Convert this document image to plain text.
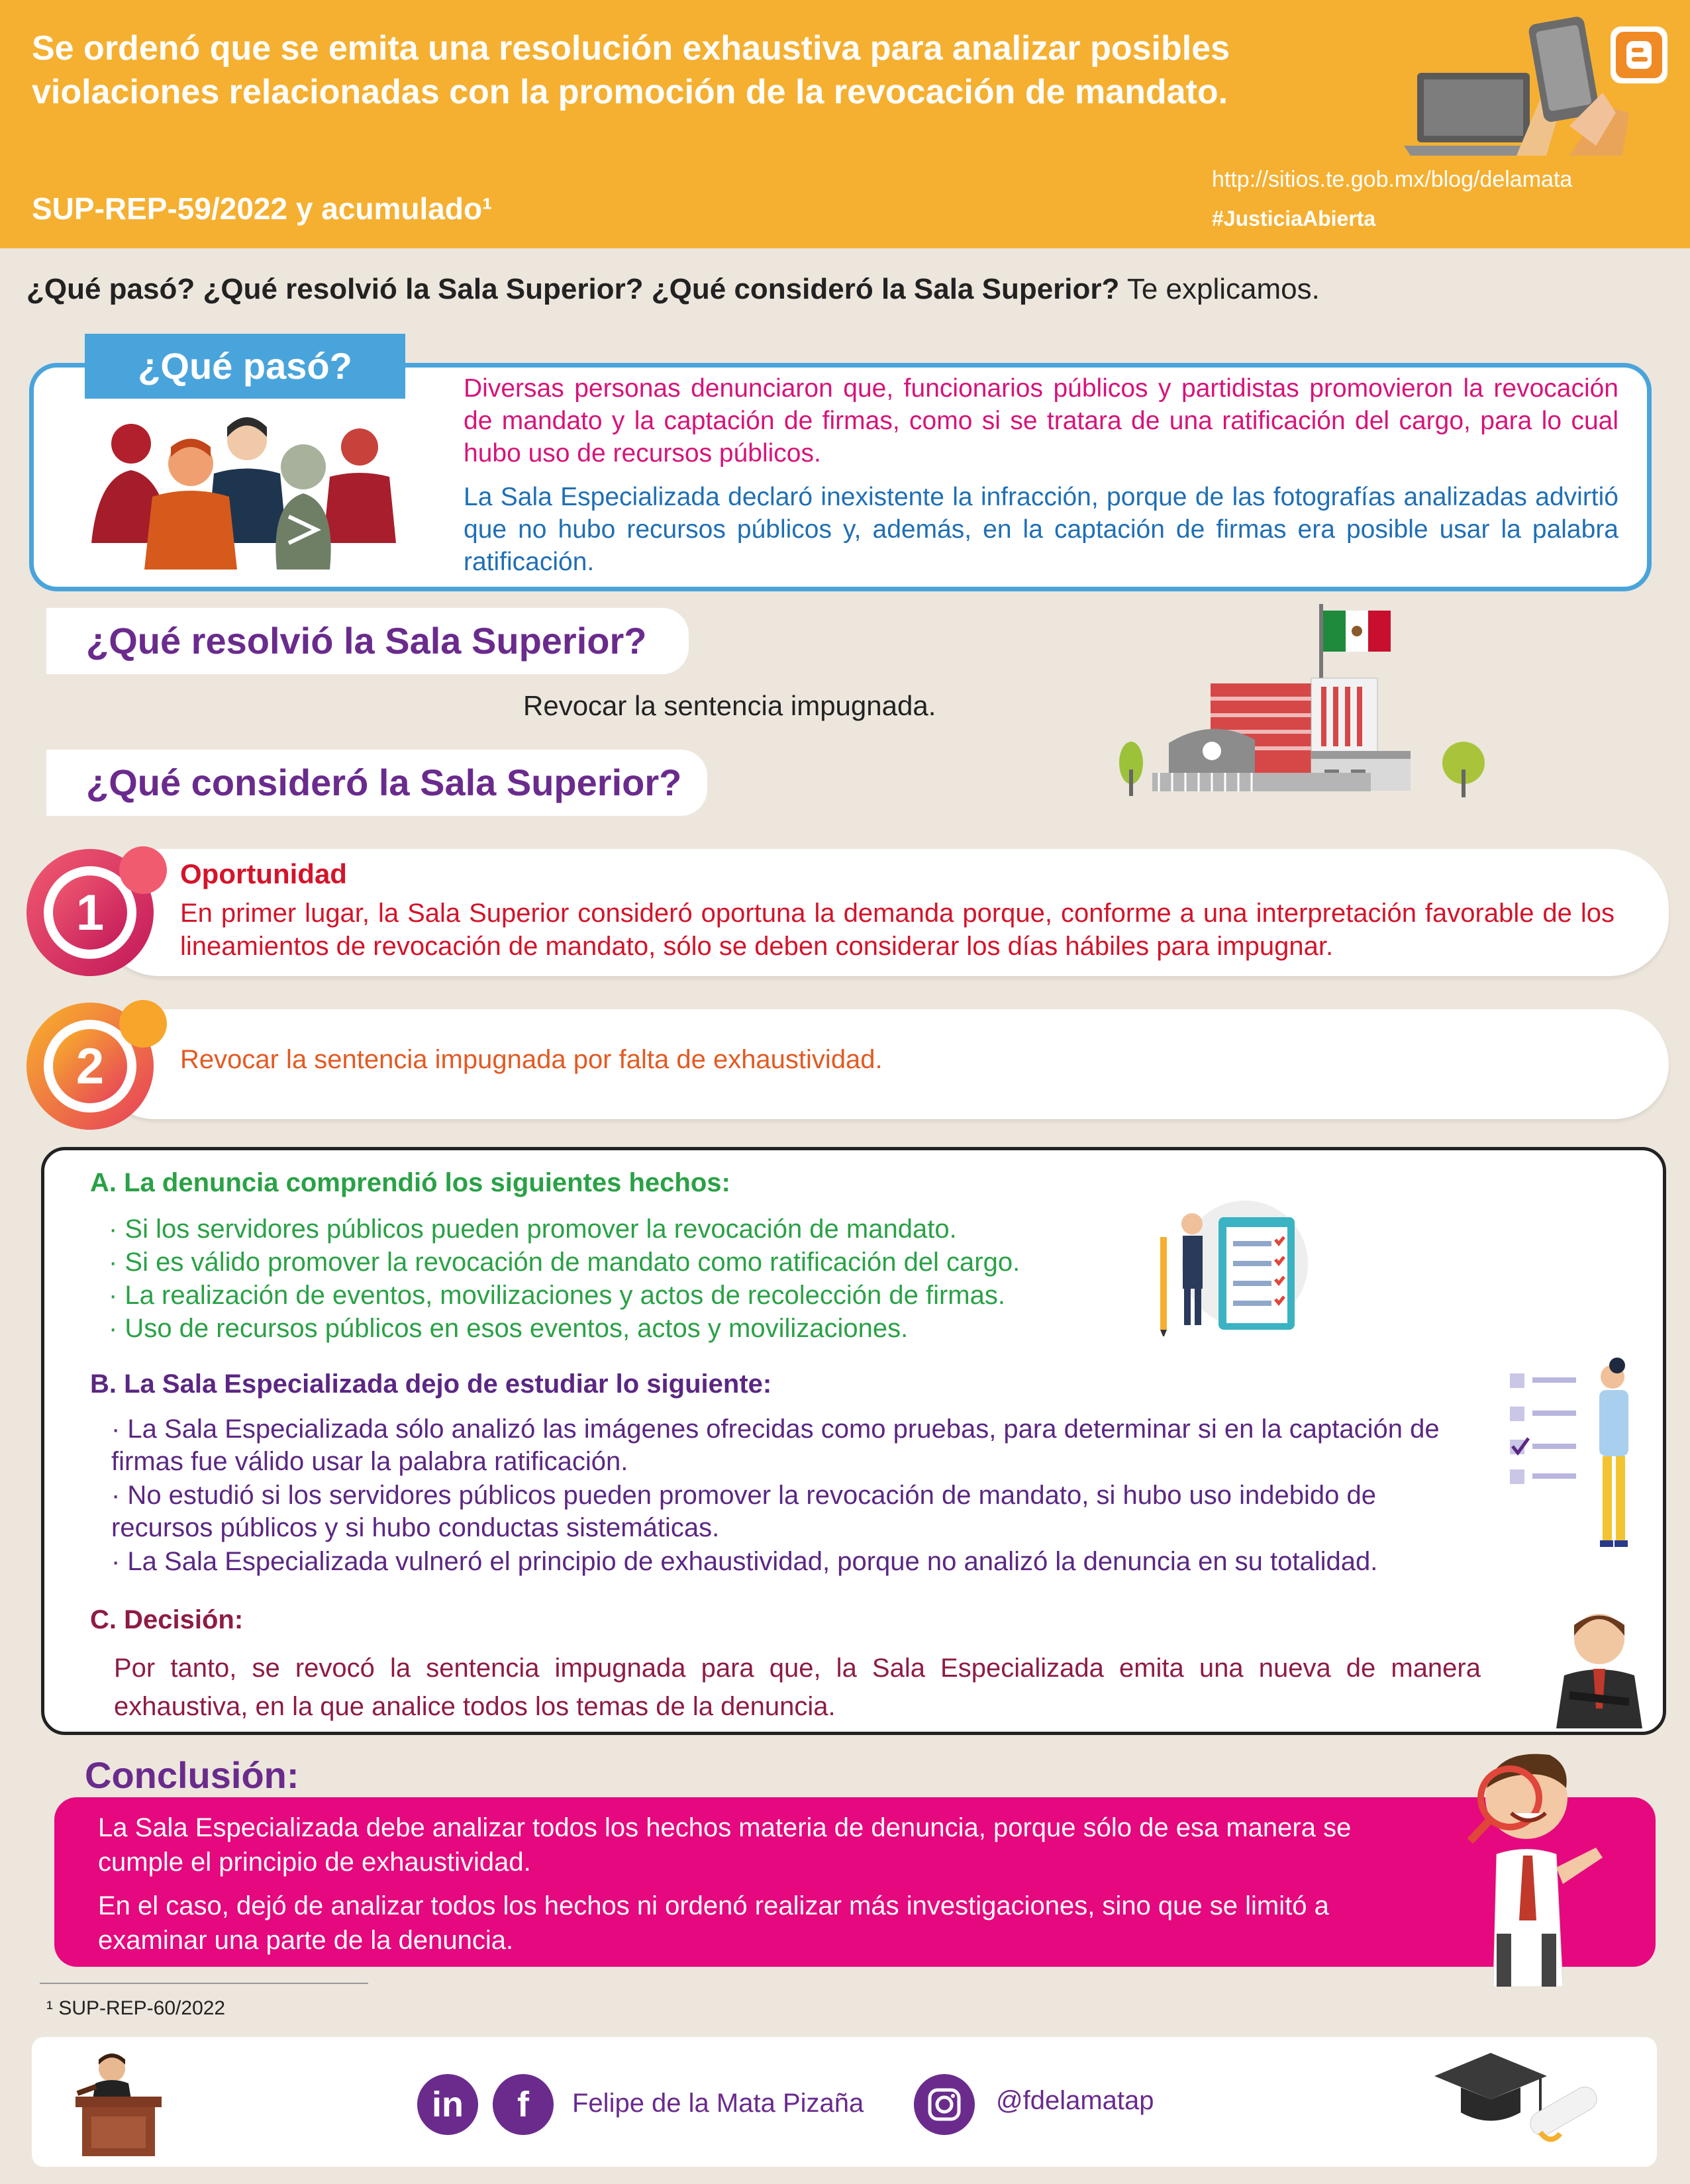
Se ordenó que se emita una resolución exhaustiva para analizar posibles violaciones relacionadas con la promoción de la revocación de mandato.
SUP-REP-59/2022 y acumulado¹
http://sitios.te.gob.mx/blog/delamata
#JusticiaAbierta
¿Qué pasó? ¿Qué resolvió la Sala Superior? ¿Qué consideró la Sala Superior? Te explicamos.
¿Qué pasó?
Diversas personas denunciaron que, funcionarios públicos y partidistas promovieron la revocación de mandato y la captación de firmas, como si se tratara de una ratificación del cargo, para lo cual hubo uso de recursos públicos.
La Sala Especializada declaró inexistente la infracción, porque de las fotografías analizadas advirtió que no hubo recursos públicos y, además, en la captación de firmas era posible usar la palabra ratificación.
¿Qué resolvió la Sala Superior?
Revocar la sentencia impugnada.
¿Qué consideró la Sala Superior?
1
Oportunidad
En primer lugar, la Sala Superior consideró oportuna la demanda porque, conforme a una interpretación favorable de los lineamientos de revocación de mandato, sólo se deben considerar los días hábiles para impugnar.
2	Revocar la sentencia impugnada por falta de exhaustividad.
A. La denuncia comprendió los siguientes hechos:
· Si los servidores públicos pueden promover la revocación de mandato.
· Si es válido promover la revocación de mandato como ratificación del cargo.
· La realización de eventos, movilizaciones y actos de recolección de firmas.
· Uso de recursos públicos en esos eventos, actos y movilizaciones.
B. La Sala Especializada dejo de estudiar lo siguiente:
· La Sala Especializada sólo analizó las imágenes ofrecidas como pruebas, para determinar si en la captación de firmas fue válido usar la palabra ratificación.
· No estudió si los servidores públicos pueden promover la revocación de mandato, si hubo uso indebido de recursos públicos y si hubo conductas sistemáticas.
· La Sala Especializada vulneró el principio de exhaustividad, porque no analizó la denuncia en su totalidad.
C. Decisión:
Por tanto, se revocó la sentencia impugnada para que, la Sala Especializada emita una nueva de manera exhaustiva, en la que analice todos los temas de la denuncia.
Conclusión:
La Sala Especializada debe analizar todos los hechos materia de denuncia, porque sólo de esa manera se cumple el principio de exhaustividad.
En el caso, dejó de analizar todos los hechos ni ordenó realizar más investigaciones, sino que se limitó a examinar una parte de la denuncia.
¹ SUP-REP-60/2022
in	f	Felipe de la Mata Pizaña	@fdelamatap
